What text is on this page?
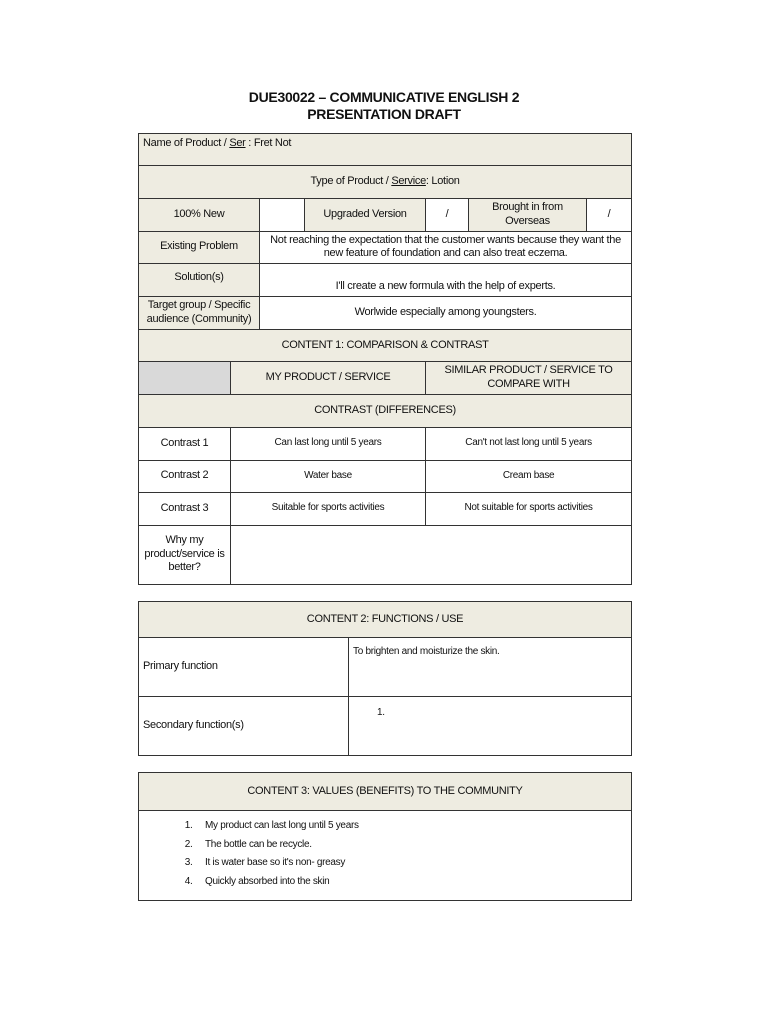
DUE30022 – COMMUNICATIVE ENGLISH 2
PRESENTATION DRAFT
Name of Product / Ser : Fret Not						
Type of Product / Service: Lotion						
100% New			Upgraded Version	/	Brought in from Overseas	/
Existing Problem		Not reaching the expectation that the customer wants because they want the new feature of foundation and can also treat eczema.				
Solution(s)		I'll create a new formula with the help of experts.				
Target group / Specific audience (Community)		Worlwide especially among youngsters.				
CONTENT 1: COMPARISON & CONTRAST						
	MY PRODUCT / SERVICE			SIMILAR PRODUCT / SERVICE TO COMPARE WITH		
CONTRAST (DIFFERENCES)						
Contrast 1	Can last long until 5 years			Can't not last long until 5 years		
Contrast 2	Water base			Cream base		
Contrast 3	Suitable for sports activities			Not suitable for sports activities		
Why my product/service is better?						
CONTENT 2: FUNCTIONS / USE	
Primary function	To brighten and moisturize the skin.
Secondary function(s)	1.
CONTENT 3: VALUES (BENEFITS) TO THE COMMUNITY

1. My product can last long until 5 years
2. The bottle can be recycle.
3. It is water base so it's non- greasy
4. Quickly absorbed into the skin
